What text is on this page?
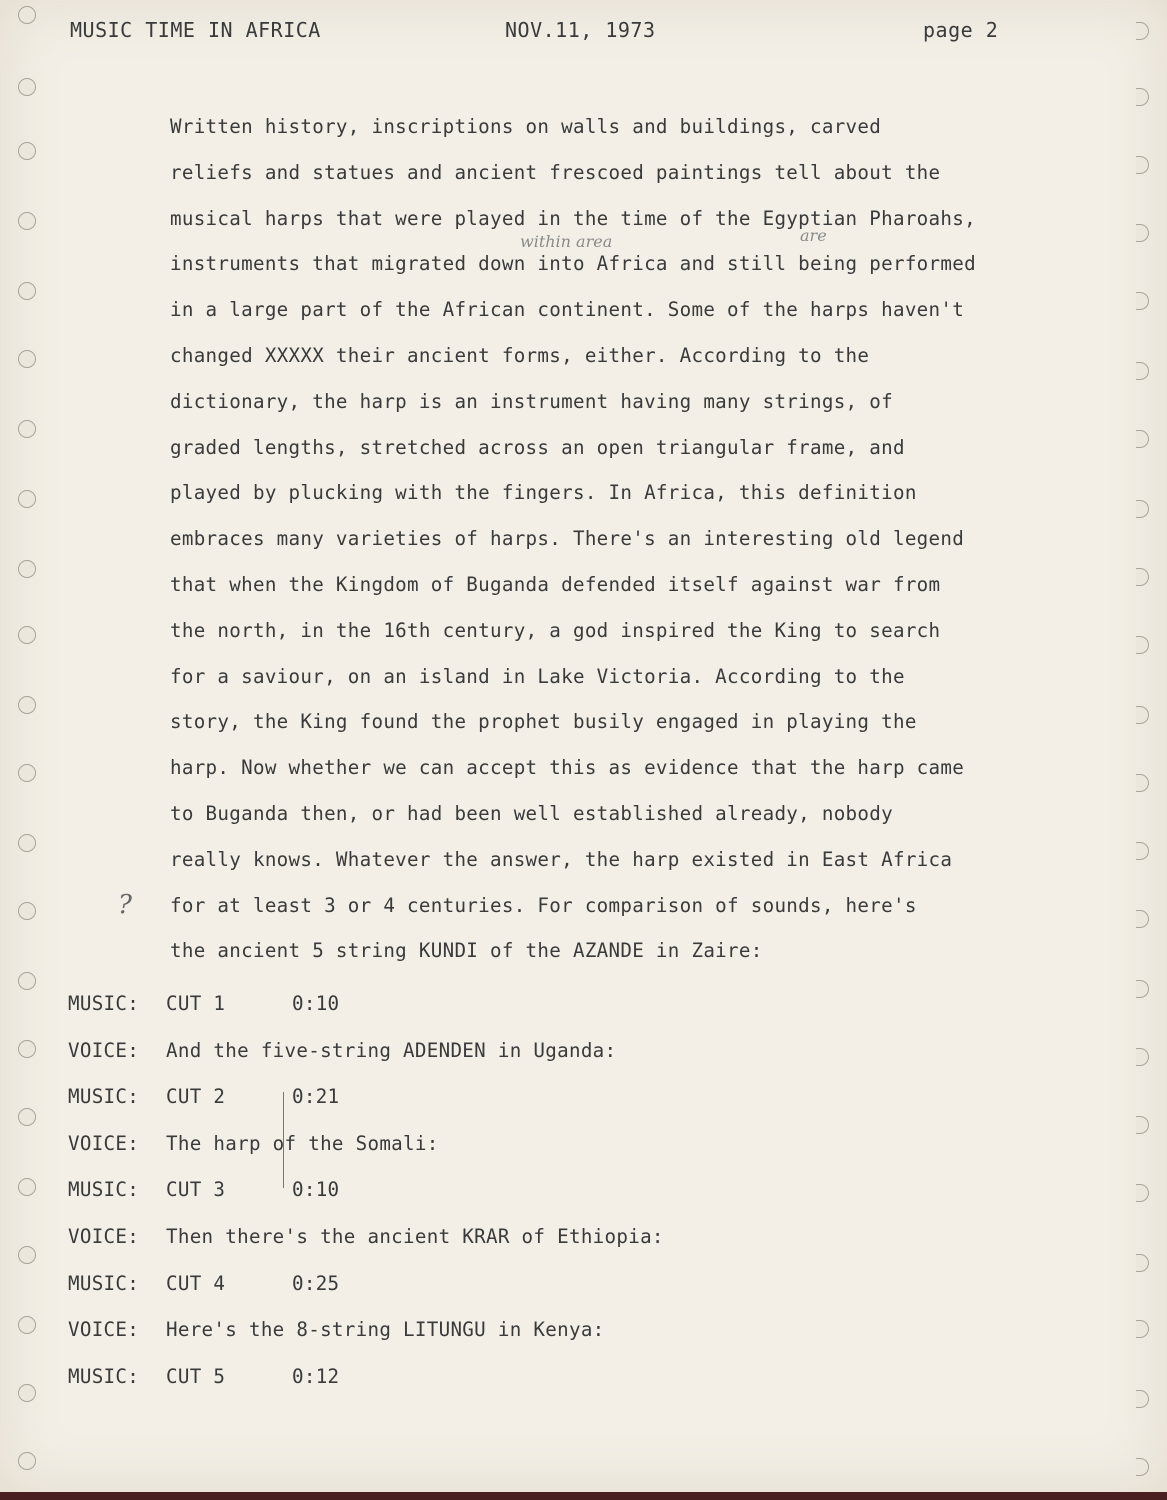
MUSIC TIME IN AFRICA	NOV.11, 1973	page 2
Written history, inscriptions on walls and buildings, carved
reliefs and statues and ancient frescoed paintings tell about the
musical harps that were played in the time of the Egyptian Pharoahs,
instruments that migrated down into Africa and still being performed
in a large part of the African continent. Some of the harps haven't
changed XXXXX their ancient forms, either. According to the
dictionary, the harp is an instrument having many strings, of
graded lengths, stretched across an open triangular frame, and
played by plucking with the fingers. In Africa, this definition
embraces many varieties of harps. There's an interesting old legend
that when the Kingdom of Buganda defended itself against war from
the north, in the 16th century, a god inspired the King to search
for a saviour, on an island in Lake Victoria. According to the
story, the King found the prophet busily engaged in playing the
harp. Now whether we can accept this as evidence that the harp came
to Buganda then, or had been well established already, nobody
really knows. Whatever the answer, the harp existed in East Africa
for at least 3 or 4 centuries. For comparison of sounds, here's
the ancient 5 string KUNDI of the AZANDE in Zaire:
MUSIC: CUT 1	0:10
VOICE: And the five-string ADENDEN in Uganda:
MUSIC: CUT 2	0:21
VOICE: The harp of the Somali:
MUSIC: CUT 3	0:10
VOICE: Then there's the ancient KRAR of Ethiopia:
MUSIC: CUT 4	0:25
VOICE: Here's the 8-string LITUNGU in Kenya:
MUSIC: CUT 5	0:12
within area	are
?
